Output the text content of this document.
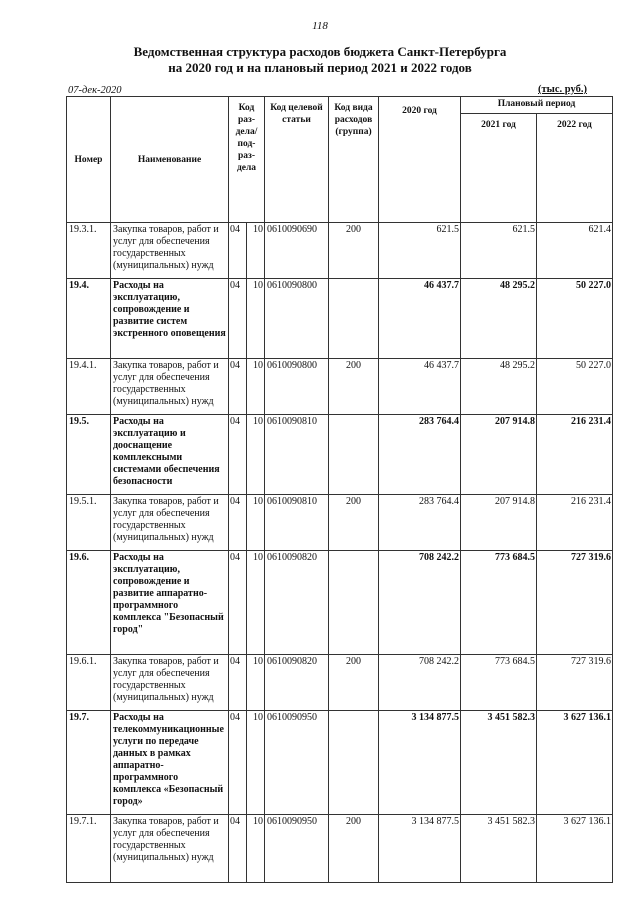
118
Ведомственная структура расходов бюджета Санкт-Петербурга
на 2020 год и на плановый период 2021 и 2022 годов
07-дек-2020	(тыс. руб.)
Номер	Наименование	Код раз-дела/ под-раз-дела		Код целевой статьи	Код вида расходов (группа)	2020 год	Плановый период	
							2021 год	2022 год
19.3.1.	Закупка товаров, работ и услуг для обеспечения государственных (муниципальных) нужд	04	10	0610090690	200	621.5	621.5	621.4
19.4.	Расходы на эксплуатацию, сопровождение и развитие систем экстренного оповещения	04	10	0610090800		46 437.7	48 295.2	50 227.0
19.4.1.	Закупка товаров, работ и услуг для обеспечения государственных (муниципальных) нужд	04	10	0610090800	200	46 437.7	48 295.2	50 227.0
19.5.	Расходы на эксплуатацию и дооснащение комплексными системами обеспечения безопасности	04	10	0610090810		283 764.4	207 914.8	216 231.4
19.5.1.	Закупка товаров, работ и услуг для обеспечения государственных (муниципальных) нужд	04	10	0610090810	200	283 764.4	207 914.8	216 231.4
19.6.	Расходы на эксплуатацию, сопровождение и развитие аппаратно-программного комплекса "Безопасный город"	04	10	0610090820		708 242.2	773 684.5	727 319.6
19.6.1.	Закупка товаров, работ и услуг для обеспечения государственных (муниципальных) нужд	04	10	0610090820	200	708 242.2	773 684.5	727 319.6
19.7.	Расходы на телекоммуникационные услуги по передаче данных в рамках аппаратно-программного комплекса «Безопасный город»	04	10	0610090950		3 134 877.5	3 451 582.3	3 627 136.1
19.7.1.	Закупка товаров, работ и услуг для обеспечения государственных (муниципальных) нужд	04	10	0610090950	200	3 134 877.5	3 451 582.3	3 627 136.1
